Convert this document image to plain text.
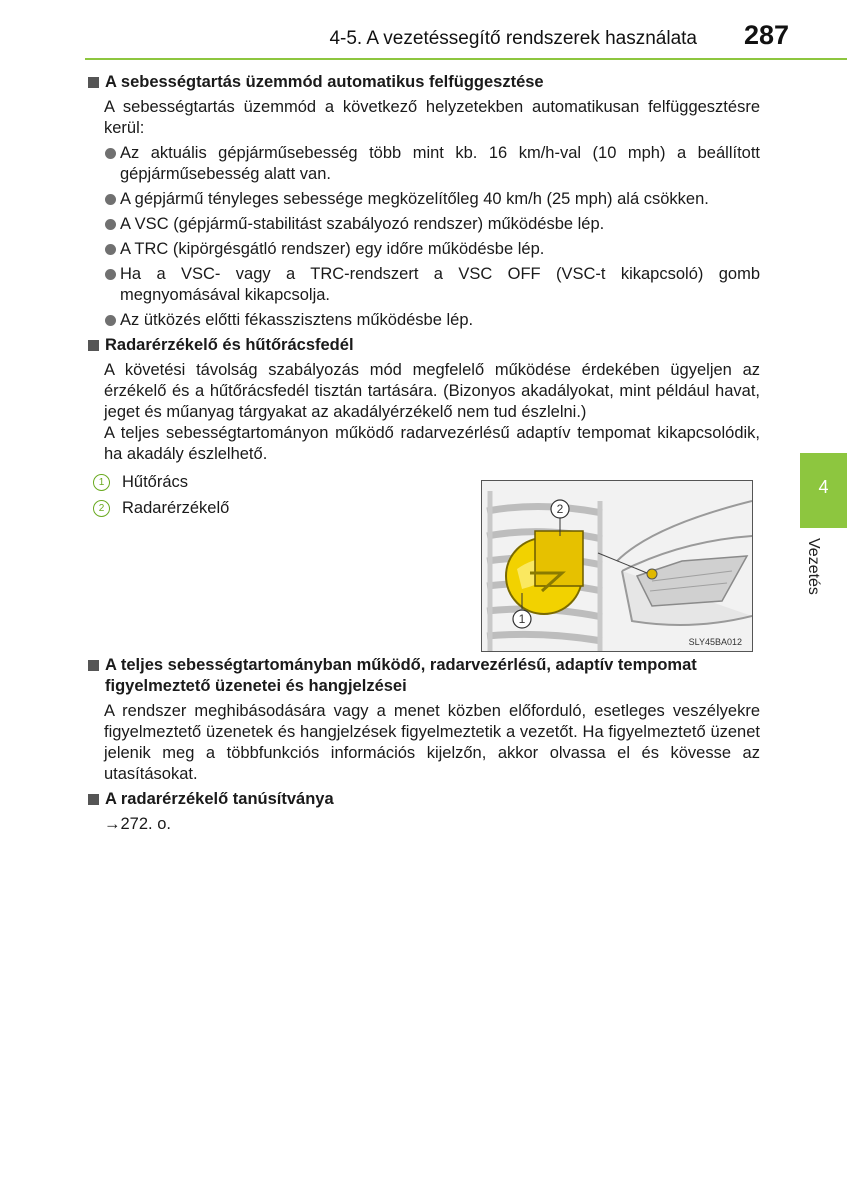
4-5. A vezetéssegítő rendszerek használata 287
4
Vezetés
A sebességtartás üzemmód automatikus felfüggesztése
A sebességtartás üzemmód a következő helyzetekben automatikusan felfüggesztésre kerül:
Az aktuális gépjárműsebesség több mint kb. 16 km/h-val (10 mph) a beállított gépjárműsebesség alatt van.
A gépjármű tényleges sebessége megközelítőleg 40 km/h (25 mph) alá csökken.
A VSC (gépjármű-stabilitást szabályozó rendszer) működésbe lép.
A TRC (kipörgésgátló rendszer) egy időre működésbe lép.
Ha a VSC- vagy a TRC-rendszert a VSC OFF (VSC-t kikapcsoló) gomb megnyomásával kikapcsolja.
Az ütközés előtti fékasszisztens működésbe lép.
Radarérzékelő és hűtőrácsfedél
A követési távolság szabályozás mód megfelelő működése érdekében ügyeljen az érzékelő és a hűtőrácsfedél tisztán tartására. (Bizonyos akadályokat, mint például havat, jeget és műanyag tárgyakat az akadályérzékelő nem tud észlelni.)
A teljes sebességtartományon működő radarvezérlésű adaptív tempomat kikapcsolódik, ha akadály észlelhető.
1	Hűtőrács
2	Radarérzékelő
A teljes sebességtartományban működő, radarvezérlésű, adaptív tempomat figyelmeztető üzenetei és hangjelzései
A rendszer meghibásodására vagy a menet közben előforduló, esetleges veszélyekre figyelmeztető üzenetek és hangjelzések figyelmeztetik a vezetőt. Ha figyelmeztető üzenet jelenik meg a többfunkciós információs kijelzőn, akkor olvassa el és kövesse az utasításokat.
A radarérzékelő tanúsítványa
→272. o.
2
1
SLY45BA012
